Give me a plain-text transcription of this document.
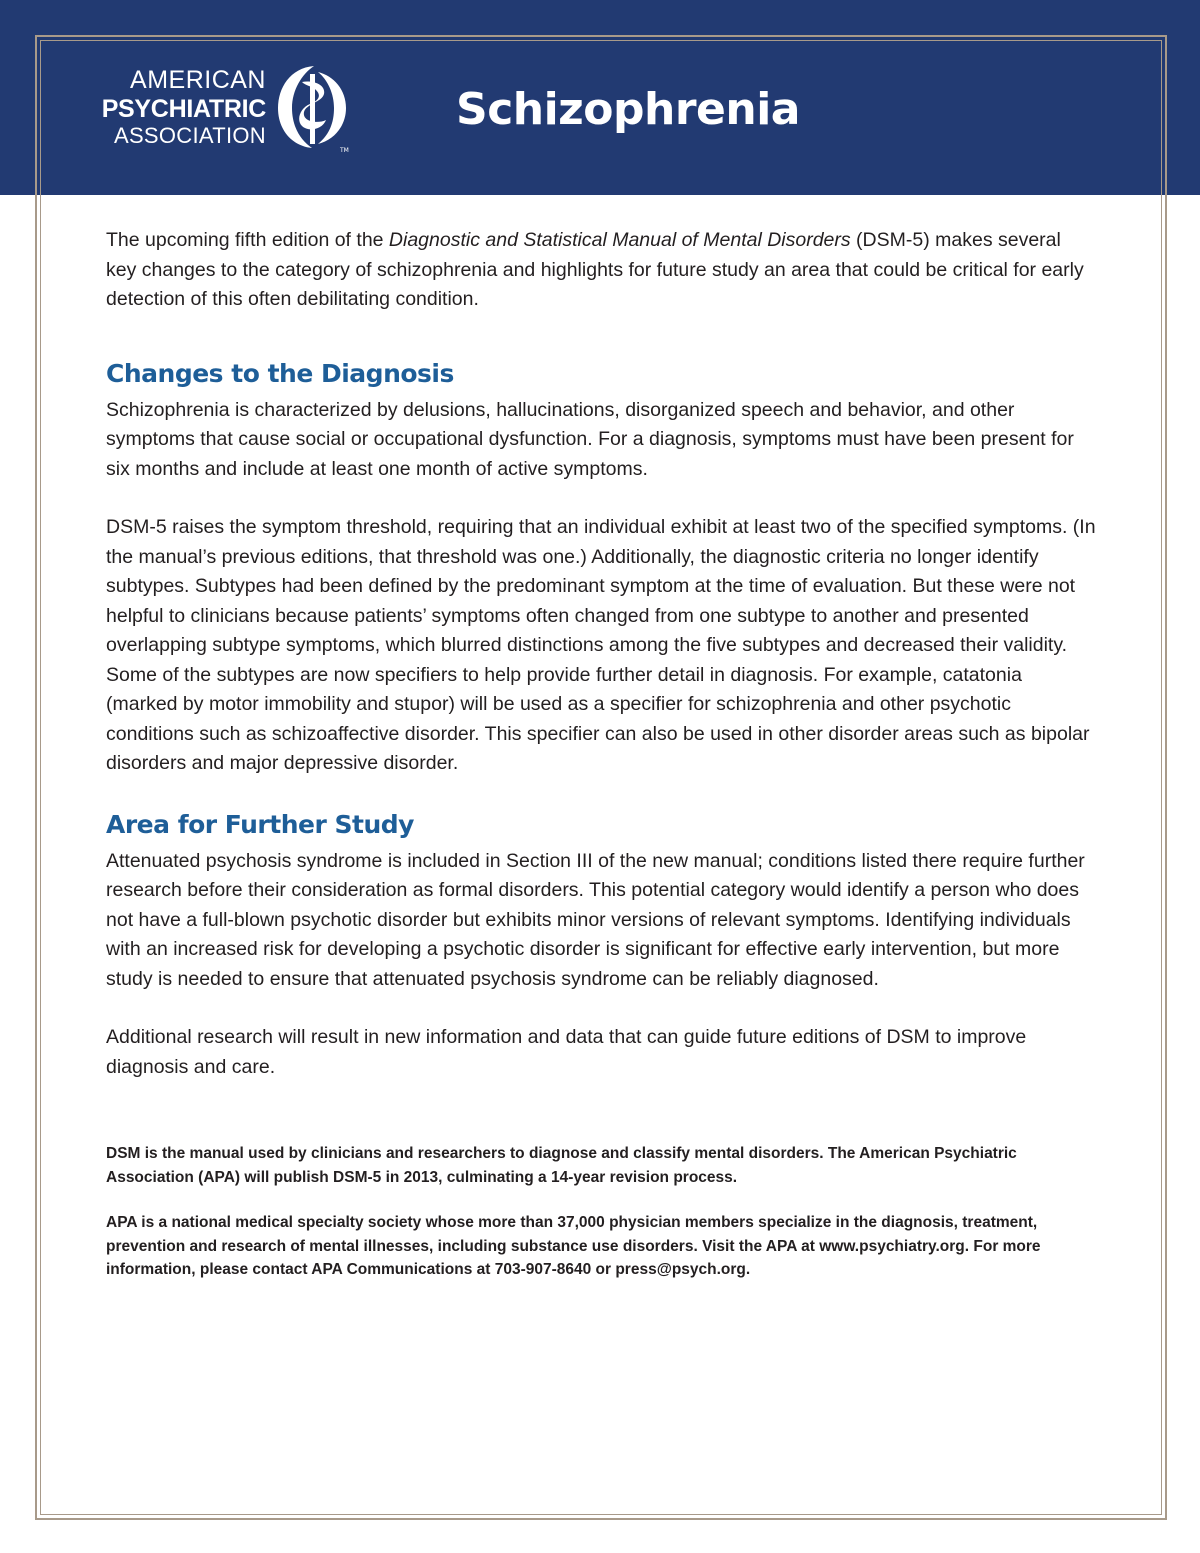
AMERICAN
PSYCHIATRIC
ASSOCIATION
TM
Schizophrenia

The upcoming fifth edition of the Diagnostic and Statistical Manual of Mental Disorders (DSM-5) makes several key changes to the category of schizophrenia and highlights for future study an area that could be critical for early detection of this often debilitating condition.

Changes to the Diagnosis

Schizophrenia is characterized by delusions, hallucinations, disorganized speech and behavior, and other symptoms that cause social or occupational dysfunction. For a diagnosis, symptoms must have been present for six months and include at least one month of active symptoms.

DSM-5 raises the symptom threshold, requiring that an individual exhibit at least two of the specified symptoms. (In the manual’s previous editions, that threshold was one.) Additionally, the diagnostic criteria no longer identify subtypes. Subtypes had been defined by the predominant symptom at the time of evaluation. But these were not helpful to clinicians because patients’ symptoms often changed from one subtype to another and presented overlapping subtype symptoms, which blurred distinctions among the five subtypes and decreased their validity. Some of the subtypes are now specifiers to help provide further detail in diagnosis. For example, catatonia (marked by motor immobility and stupor) will be used as a specifier for schizophrenia and other psychotic conditions such as schizoaffective disorder. This specifier can also be used in other disorder areas such as bipolar disorders and major depressive disorder.

Area for Further Study

Attenuated psychosis syndrome is included in Section III of the new manual; conditions listed there require further research before their consideration as formal disorders. This potential category would identify a person who does not have a full-blown psychotic disorder but exhibits minor versions of relevant symptoms. Identifying individuals with an increased risk for developing a psychotic disorder is significant for effective early intervention, but more study is needed to ensure that attenuated psychosis syndrome can be reliably diagnosed.

Additional research will result in new information and data that can guide future editions of DSM to improve diagnosis and care.

DSM is the manual used by clinicians and researchers to diagnose and classify mental disorders. The American Psychiatric Association (APA) will publish DSM-5 in 2013, culminating a 14-year revision process.

APA is a national medical specialty society whose more than 37,000 physician members specialize in the diagnosis, treatment, prevention and research of mental illnesses, including substance use disorders. Visit the APA at www.psychiatry.org. For more information, please contact APA Communications at 703-907-8640 or press@psych.org.
